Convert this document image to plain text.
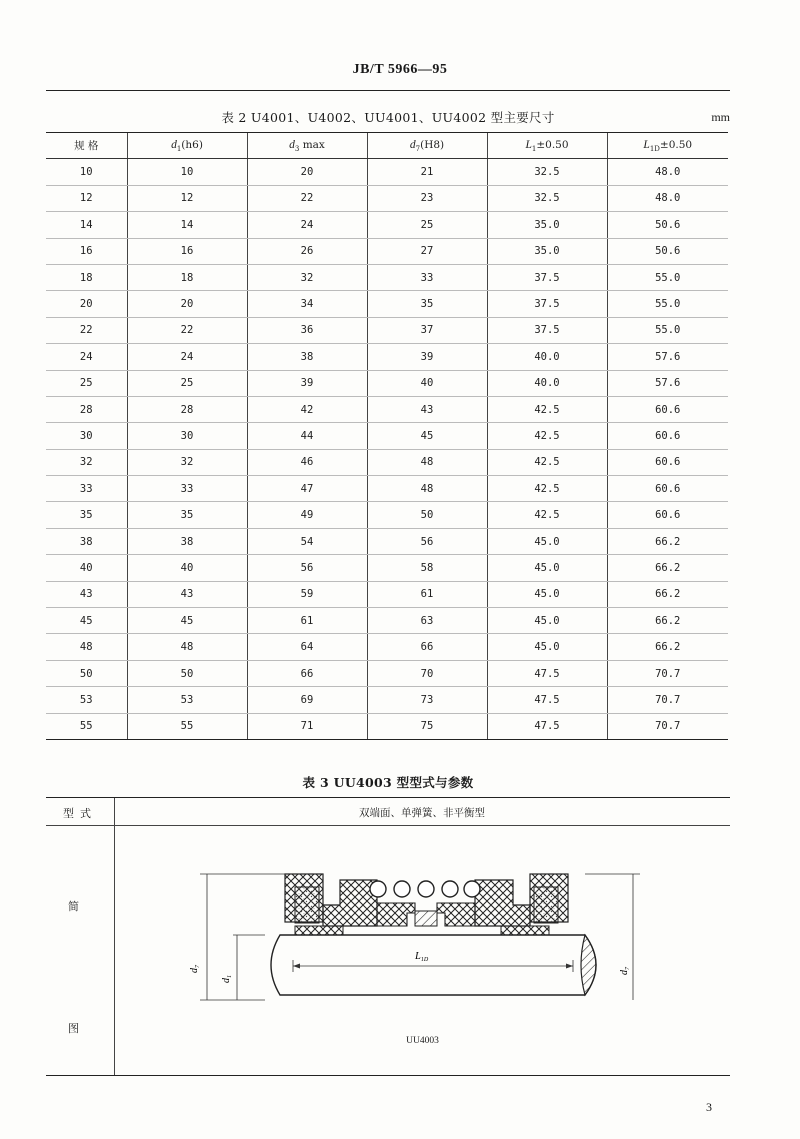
JB/T 5966—95
表 2 U4001、U4002、UU4001、UU4002 型主要尺寸	mm
规 格	$d_1(h6)$	$d_3$ max	$d_7(H8)$	$L_1\pm 0.50$	$L_{1D}\pm 0.50$
10	10	20	21	32.5	48.0
12	12	22	23	32.5	48.0
14	14	24	25	35.0	50.6
16	16	26	27	35.0	50.6
18	18	32	33	37.5	55.0
20	20	34	35	37.5	55.0
22	22	36	37	37.5	55.0
24	24	38	39	40.0	57.6
25	25	39	40	40.0	57.6
28	28	42	43	42.5	60.6
30	30	44	45	42.5	60.6
32	32	46	48	42.5	60.6
33	33	47	48	42.5	60.6
35	35	49	50	42.5	60.6
38	38	54	56	45.0	66.2
40	40	56	58	45.0	66.2
43	43	59	61	45.0	66.2
45	45	61	63	45.0	66.2
48	48	64	66	45.0	66.2
50	50	66	70	47.5	70.7
53	53	69	73	47.5	70.7
55	55	71	75	47.5	70.7
表 3 UU4003 型型式与参数
型式	双端面、单弹簧、非平衡型
简
图
$d_7$
$d_1$
L1D
$d_7$
UU4003
3
